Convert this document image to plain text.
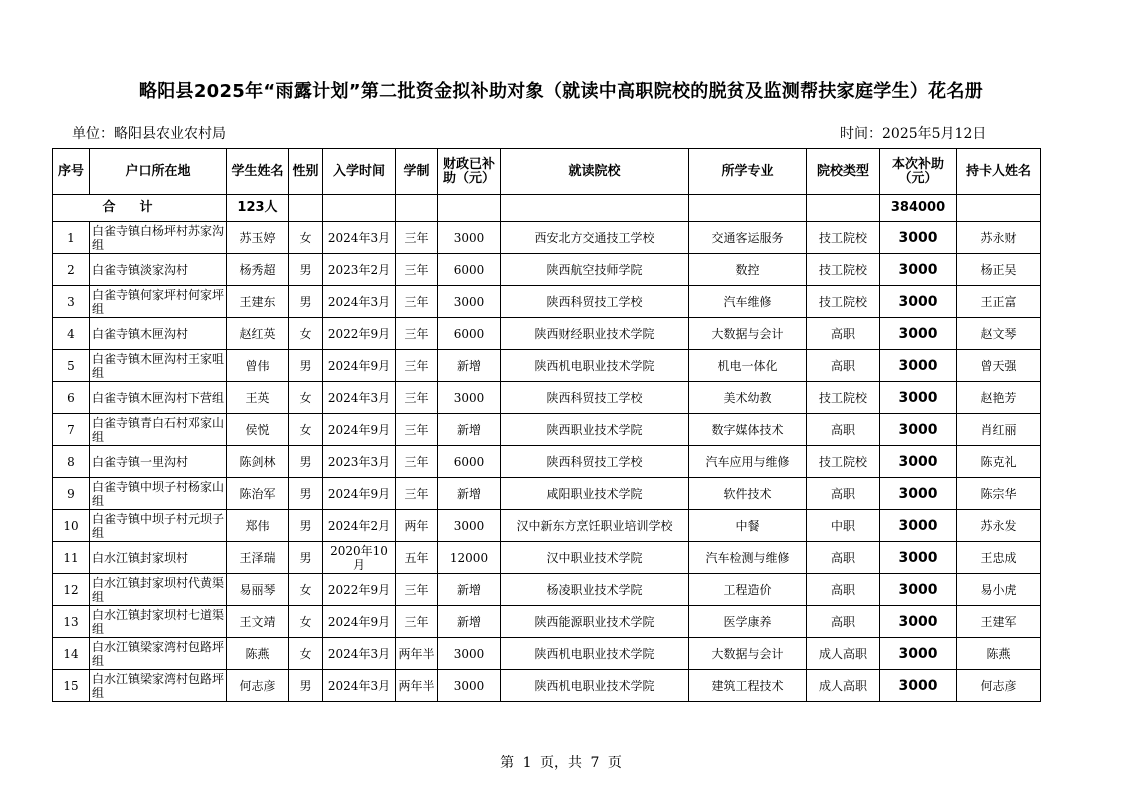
略阳县2025年“雨露计划”第二批资金拟补助对象（就读中高职院校的脱贫及监测帮扶家庭学生）花名册
单位：略阳县农业农村局	时间：2025年5月12日
序号	户口所在地	学生姓名	性别	入学时间	学制	财政已补助（元）	就读院校	所学专业	院校类型	本次补助（元）	持卡人姓名
合计		123人								384000	
1	白雀寺镇白杨坪村苏家沟组	苏玉婷	女	2024年3月	三年	3000	西安北方交通技工学校	交通客运服务	技工院校	3000	苏永财
2	白雀寺镇淡家沟村	杨秀超	男	2023年2月	三年	6000	陕西航空技师学院	数控	技工院校	3000	杨正吴
3	白雀寺镇何家坪村何家坪组	王建东	男	2024年3月	三年	3000	陕西科贸技工学校	汽车维修	技工院校	3000	王正富
4	白雀寺镇木匣沟村	赵红英	女	2022年9月	三年	6000	陕西财经职业技术学院	大数据与会计	高职	3000	赵文琴
5	白雀寺镇木匣沟村王家咀组	曾伟	男	2024年9月	三年	新增	陕西机电职业技术学院	机电一体化	高职	3000	曾天强
6	白雀寺镇木匣沟村下营组	王英	女	2024年3月	三年	3000	陕西科贸技工学校	美术幼教	技工院校	3000	赵艳芳
7	白雀寺镇青白石村邓家山组	侯悦	女	2024年9月	三年	新增	陕西职业技术学院	数字媒体技术	高职	3000	肖红丽
8	白雀寺镇一里沟村	陈剑林	男	2023年3月	三年	6000	陕西科贸技工学校	汽车应用与维修	技工院校	3000	陈克礼
9	白雀寺镇中坝子村杨家山组	陈治军	男	2024年9月	三年	新增	咸阳职业技术学院	软件技术	高职	3000	陈宗华
10	白雀寺镇中坝子村元坝子组	郑伟	男	2024年2月	两年	3000	汉中新东方烹饪职业培训学校	中餐	中职	3000	苏永发
11	白水江镇封家坝村	王泽瑞	男	2020年10月	五年	12000	汉中职业技术学院	汽车检测与维修	高职	3000	王忠成
12	白水江镇封家坝村代黄渠组	易丽琴	女	2022年9月	三年	新增	杨凌职业技术学院	工程造价	高职	3000	易小虎
13	白水江镇封家坝村七道渠组	王文靖	女	2024年9月	三年	新增	陕西能源职业技术学院	医学康养	高职	3000	王建军
14	白水江镇梁家湾村包路坪组	陈燕	女	2024年3月	两年半	3000	陕西机电职业技术学院	大数据与会计	成人高职	3000	陈燕
15	白水江镇梁家湾村包路坪组	何志彦	男	2024年3月	两年半	3000	陕西机电职业技术学院	建筑工程技术	成人高职	3000	何志彦
第 1 页，共 7 页
